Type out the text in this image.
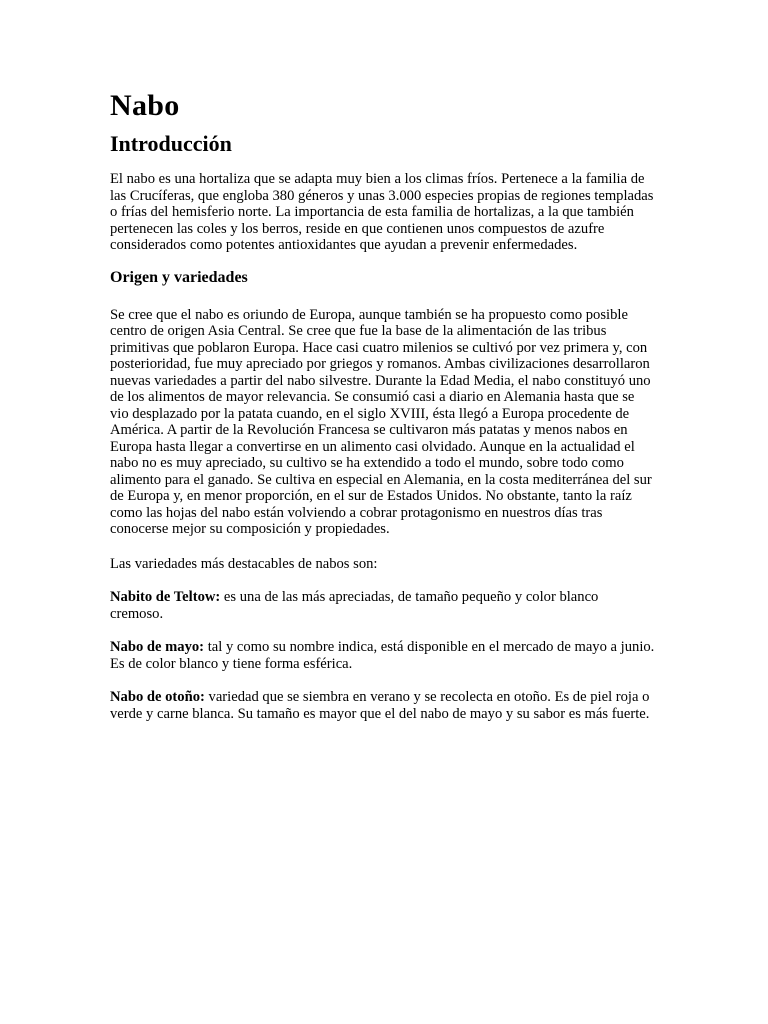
Nabo
Introducción

El nabo es una hortaliza que se adapta muy bien a los climas fríos. Pertenece a la familia de las Crucíferas, que engloba 380 géneros y unas 3.000 especies propias de regiones templadas o frías del hemisferio norte. La importancia de esta familia de hortalizas, a la que también pertenecen las coles y los berros, reside en que contienen unos compuestos de azufre considerados como potentes antioxidantes que ayudan a prevenir enfermedades.

Origen y variedades

Se cree que el nabo es oriundo de Europa, aunque también se ha propuesto como posible centro de origen Asia Central. Se cree que fue la base de la alimentación de las tribus primitivas que poblaron Europa. Hace casi cuatro milenios se cultivó por vez primera y, con posterioridad, fue muy apreciado por griegos y romanos. Ambas civilizaciones desarrollaron nuevas variedades a partir del nabo silvestre. Durante la Edad Media, el nabo constituyó uno de los alimentos de mayor relevancia. Se consumió casi a diario en Alemania hasta que se vio desplazado por la patata cuando, en el siglo XVIII, ésta llegó a Europa procedente de América. A partir de la Revolución Francesa se cultivaron más patatas y menos nabos en Europa hasta llegar a convertirse en un alimento casi olvidado. Aunque en la actualidad el nabo no es muy apreciado, su cultivo se ha extendido a todo el mundo, sobre todo como alimento para el ganado. Se cultiva en especial en Alemania, en la costa mediterránea del sur de Europa y, en menor proporción, en el sur de Estados Unidos. No obstante, tanto la raíz como las hojas del nabo están volviendo a cobrar protagonismo en nuestros días tras conocerse mejor su composición y propiedades.

Las variedades más destacables de nabos son:

Nabito de Teltow: es una de las más apreciadas, de tamaño pequeño y color blanco cremoso.

Nabo de mayo: tal y como su nombre indica, está disponible en el mercado de mayo a junio. Es de color blanco y tiene forma esférica.

Nabo de otoño: variedad que se siembra en verano y se recolecta en otoño. Es de piel roja o verde y carne blanca. Su tamaño es mayor que el del nabo de mayo y su sabor es más fuerte.
